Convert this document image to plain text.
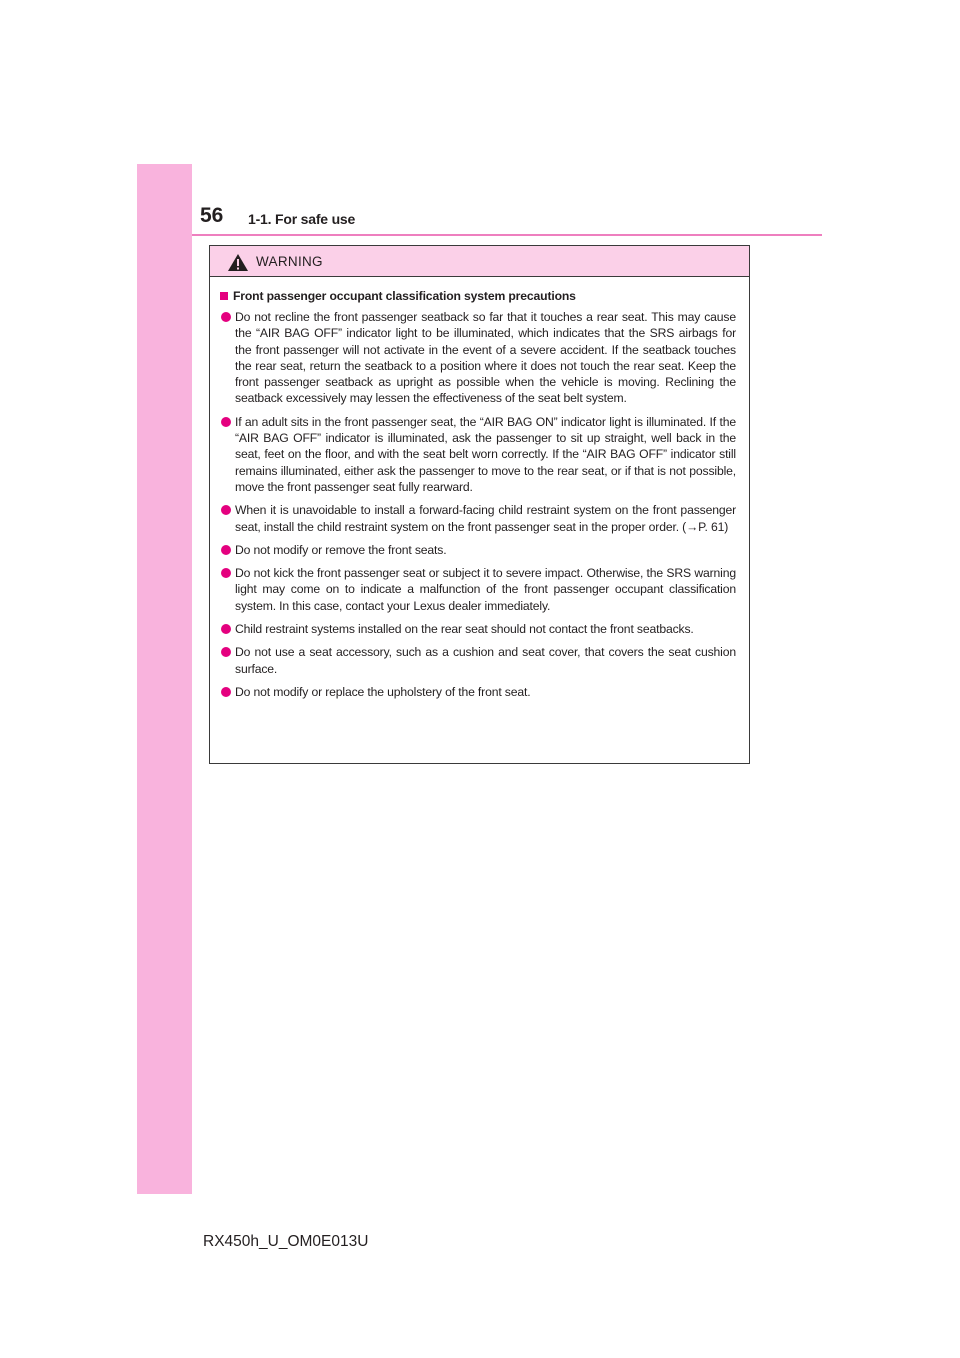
56 1-1. For safe use
WARNING
Front passenger occupant classification system precautions
Do not recline the front passenger seatback so far that it touches a rear seat. This may cause the “AIR BAG OFF” indicator light to be illuminated, which indicates that the SRS airbags for the front passenger will not activate in the event of a severe accident. If the seatback touches the rear seat, return the seatback to a position where it does not touch the rear seat. Keep the front passenger seatback as upright as possible when the vehicle is moving. Reclining the seatback excessively may lessen the effectiveness of the seat belt system.
If an adult sits in the front passenger seat, the “AIR BAG ON” indicator light is illuminated. If the “AIR BAG OFF” indicator is illuminated, ask the passenger to sit up straight, well back in the seat, feet on the floor, and with the seat belt worn correctly. If the “AIR BAG OFF” indicator still remains illuminated, either ask the passenger to move to the rear seat, or if that is not possible, move the front passenger seat fully rearward.
When it is unavoidable to install a forward-facing child restraint system on the front passenger seat, install the child restraint system on the front passenger seat in the proper order. (→P. 61)
Do not modify or remove the front seats.
Do not kick the front passenger seat or subject it to severe impact. Otherwise, the SRS warning light may come on to indicate a malfunction of the front passenger occupant classification system. In this case, contact your Lexus dealer immediately.
Child restraint systems installed on the rear seat should not contact the front seatbacks.
Do not use a seat accessory, such as a cushion and seat cover, that covers the seat cushion surface.
Do not modify or replace the upholstery of the front seat.
RX450h_U_OM0E013U
